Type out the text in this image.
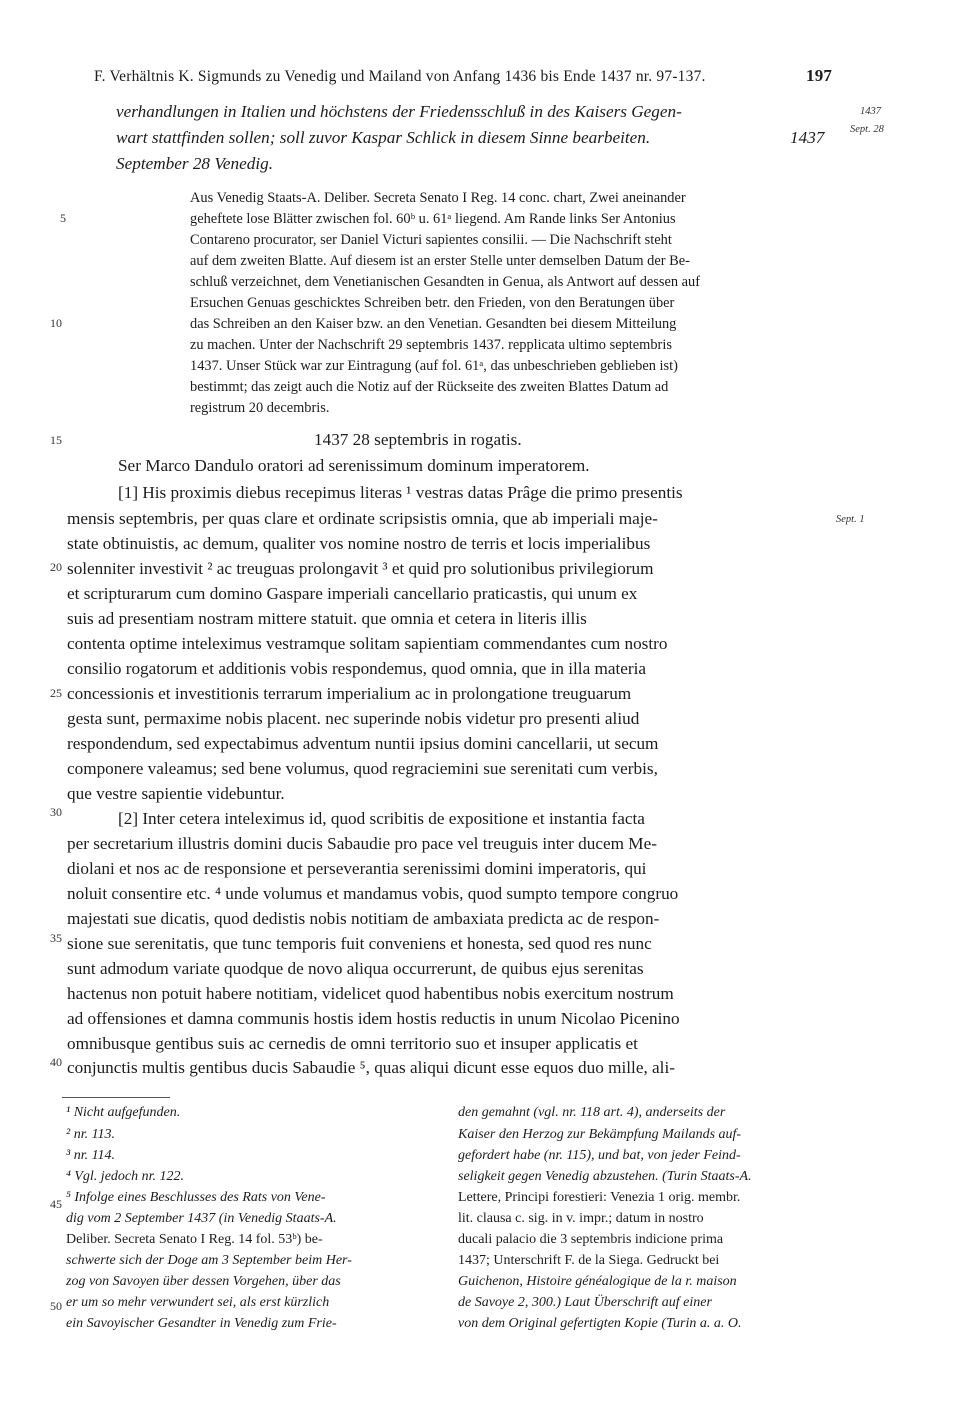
F. Verhältnis K. Sigmunds zu Venedig und Mailand von Anfang 1436 bis Ende 1437 nr. 97-137.	197
1437
Sept. 28
Sept. 1
verhandlungen in Italien und höchstens der Friedensschluß in des Kaisers Gegen-
wart stattfinden sollen; soll zuvor Kaspar Schlick in diesem Sinne bearbeiten.	1437
September 28 Venedig.
Aus Venedig Staats-A. Deliber. Secreta Senato I Reg. 14 conc. chart, Zwei aneinander
geheftete lose Blätter zwischen fol. 60ᵇ u. 61ᵃ liegend. Am Rande links Ser Antonius
Contareno procurator, ser Daniel Victuri sapientes consilii. — Die Nachschrift steht
auf dem zweiten Blatte. Auf diesem ist an erster Stelle unter demselben Datum der Be-
schluß verzeichnet, dem Venetianischen Gesandten in Genua, als Antwort auf dessen auf
Ersuchen Genuas geschicktes Schreiben betr. den Frieden, von den Beratungen über
das Schreiben an den Kaiser bzw. an den Venetian. Gesandten bei diesem Mitteilung
zu machen. Unter der Nachschrift 29 septembris 1437. repplicata ultimo septembris
1437. Unser Stück war zur Eintragung (auf fol. 61ᵃ, das unbeschrieben geblieben ist)
bestimmt; das zeigt auch die Notiz auf der Rückseite des zweiten Blattes Datum ad
registrum 20 decembris.
5
10
15
20
25
30
35
40
45
50
1437 28 septembris in rogatis.
Ser Marco Dandulo oratori ad serenissimum dominum imperatorem.
[1] His proximis diebus recepimus literas ¹ vestras datas Prâge die primo presentis
mensis septembris, per quas clare et ordinate scripsistis omnia, que ab imperiali maje-
state obtinuistis, ac demum, qualiter vos nomine nostro de terris et locis imperialibus
solenniter investivit ² ac treuguas prolongavit ³ et quid pro solutionibus privilegiorum
et scripturarum cum domino Gaspare imperiali cancellario praticastis, qui unum ex
suis ad presentiam nostram mittere statuit. que omnia et cetera in literis illis
contenta optime inteleximus vestramque solitam sapientiam commendantes cum nostro
consilio rogatorum et additionis vobis respondemus, quod omnia, que in illa materia
concessionis et investitionis terrarum imperialium ac in prolongatione treuguarum
gesta sunt, permaxime nobis placent. nec superinde nobis videtur pro presenti aliud
respondendum, sed expectabimus adventum nuntii ipsius domini cancellarii, ut secum
componere valeamus; sed bene volumus, quod regraciemini sue serenitati cum verbis,
que vestre sapientie videbuntur.
[2] Inter cetera inteleximus id, quod scribitis de expositione et instantia facta
per secretarium illustris domini ducis Sabaudie pro pace vel treuguis inter ducem Me-
diolani et nos ac de responsione et perseverantia serenissimi domini imperatoris, qui
noluit consentire etc. ⁴ unde volumus et mandamus vobis, quod sumpto tempore congruo
majestati sue dicatis, quod dedistis nobis notitiam de ambaxiata predicta ac de respon-
sione sue serenitatis, que tunc temporis fuit conveniens et honesta, sed quod res nunc
sunt admodum variate quodque de novo aliqua occurrerunt, de quibus ejus serenitas
hactenus non potuit habere notitiam, videlicet quod habentibus nobis exercitum nostrum
ad offensiones et damna communis hostis idem hostis reductis in unum Nicolao Picenino
omnibusque gentibus suis ac cernedis de omni territorio suo et insuper applicatis et
conjunctis multis gentibus ducis Sabaudie ⁵, quas aliqui dicunt esse equos duo mille, ali-
¹ Nicht aufgefunden.
² nr. 113.
³ nr. 114.
⁴ Vgl. jedoch nr. 122.
⁵ Infolge eines Beschlusses des Rats von Vene-
dig vom 2 September 1437 (in Venedig Staats-A.
Deliber. Secreta Senato I Reg. 14 fol. 53ᵇ) be-
schwerte sich der Doge am 3 September beim Her-
zog von Savoyen über dessen Vorgehen, über das
er um so mehr verwundert sei, als erst kürzlich
ein Savoyischer Gesandter in Venedig zum Frie-
den gemahnt (vgl. nr. 118 art. 4), anderseits der
Kaiser den Herzog zur Bekämpfung Mailands auf-
gefordert habe (nr. 115), und bat, von jeder Feind-
seligkeit gegen Venedig abzustehen. (Turin Staats-A.
Lettere, Principi forestieri: Venezia 1 orig. membr.
lit. clausa c. sig. in v. impr.; datum in nostro
ducali palacio die 3 septembris indicione prima
1437; Unterschrift F. de la Siega. Gedruckt bei
Guichenon, Histoire généalogique de la r. maison
de Savoye 2, 300.) Laut Überschrift auf einer
von dem Original gefertigten Kopie (Turin a. a. O.
